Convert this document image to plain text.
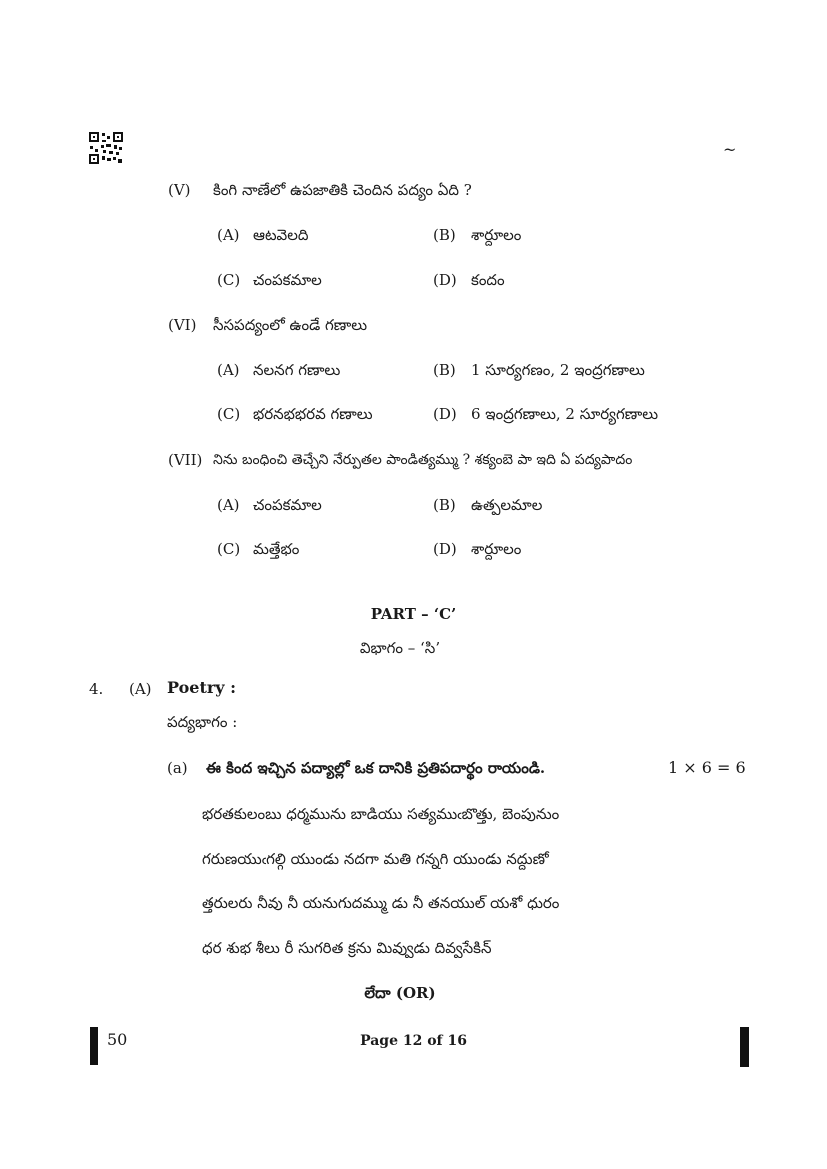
~
(V) కింగి నాణేలో ఉపజాతికి చెందిన పద్యం ఏది ?
(A) ఆటవెలది	(B) శార్దూలం
(C) చంపకమాల	(D) కందం
(VI) సీసపద్యంలో ఉండే గణాలు
(A) నలనగ గణాలు	(B) 1 సూర్యగణం, 2 ఇంద్రగణాలు
(C) భరనభభరవ గణాలు	(D) 6 ఇంద్రగణాలు, 2 సూర్యగణాలు
(VII) నిను బంధించి తెచ్చేని నేర్పుతల పాండిత్యమ్ము ? శక్యంబె పా ఇది ఏ పద్యపాదం
(A) చంపకమాల	(B) ఉత్పలమాల
(C) మత్తేభం	(D) శార్దూలం
PART – ‘C’
విభాగం – ‘సి’
4. (A) Poetry :
పద్యభాగం :
(a) ఈ కింద ఇచ్చిన పద్యాల్లో ఒక దానికి ప్రతిపదార్థం రాయండి.	1 × 6 = 6
భరతకులంబు ధర్మమును బాడియు సత్యముఁబొత్తు, బెంపునుం
గరుణయుఁగల్గి యుండు నదగా మతి గన్నగి యుండు నద్దుణో
త్తరులరు నీవు నీ యనుగుదమ్ము డు నీ తనయుల్ యశో ధురం
ధర శుభ శీలు రీ సుగరిత క్రను మివ్వుడు దివ్వసేకిన్
లేదా (OR)
50	Page 12 of 16
